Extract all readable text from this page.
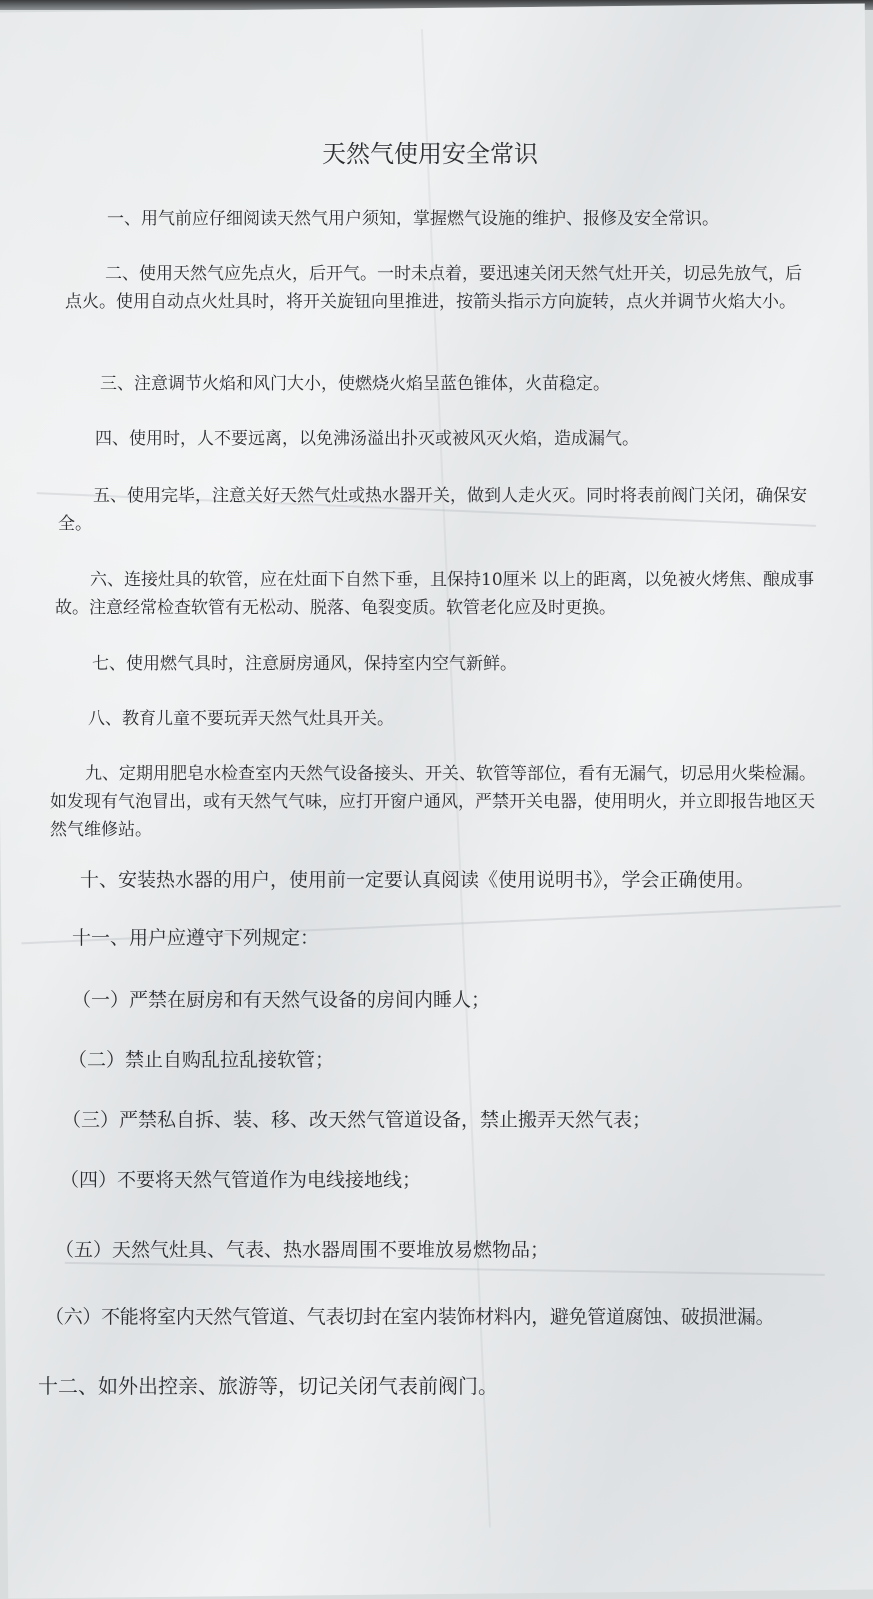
天然气使用安全常识

一、用气前应仔细阅读天然气用户须知，掌握燃气设施的维护、报修及安全常识。

二、使用天然气应先点火，后开气。一时未点着，要迅速关闭天然气灶开关，切忌先放气，后点火。使用自动点火灶具时，将开关旋钮向里推进，按箭头指示方向旋转，点火并调节火焰大小。

三、注意调节火焰和风门大小，使燃烧火焰呈蓝色锥体，火苗稳定。

四、使用时，人不要远离，以免沸汤溢出扑灭或被风灭火焰，造成漏气。

五、使用完毕，注意关好天然气灶或热水器开关，做到人走火灭。同时将表前阀门关闭，确保安全。

六、连接灶具的软管，应在灶面下自然下垂，且保持10厘米 以上的距离，以免被火烤焦、酿成事故。注意经常检查软管有无松动、脱落、龟裂变质。软管老化应及时更换。

七、使用燃气具时，注意厨房通风，保持室内空气新鲜。

八、教育儿童不要玩弄天然气灶具开关。

九、定期用肥皂水检查室内天然气设备接头、开关、软管等部位，看有无漏气，切忌用火柴检漏。如发现有气泡冒出，或有天然气气味，应打开窗户通风，严禁开关电器，使用明火，并立即报告地区天然气维修站。

十、安装热水器的用户，使用前一定要认真阅读《使用说明书》，学会正确使用。

十一、用户应遵守下列规定：

（一）严禁在厨房和有天然气设备的房间内睡人；

（二）禁止自购乱拉乱接软管；

（三）严禁私自拆、装、移、改天然气管道设备，禁止搬弄天然气表；

（四）不要将天然气管道作为电线接地线；

（五）天然气灶具、气表、热水器周围不要堆放易燃物品；

（六）不能将室内天然气管道、气表切封在室内装饰材料内，避免管道腐蚀、破损泄漏。

十二、如外出控亲、旅游等，切记关闭气表前阀门。
